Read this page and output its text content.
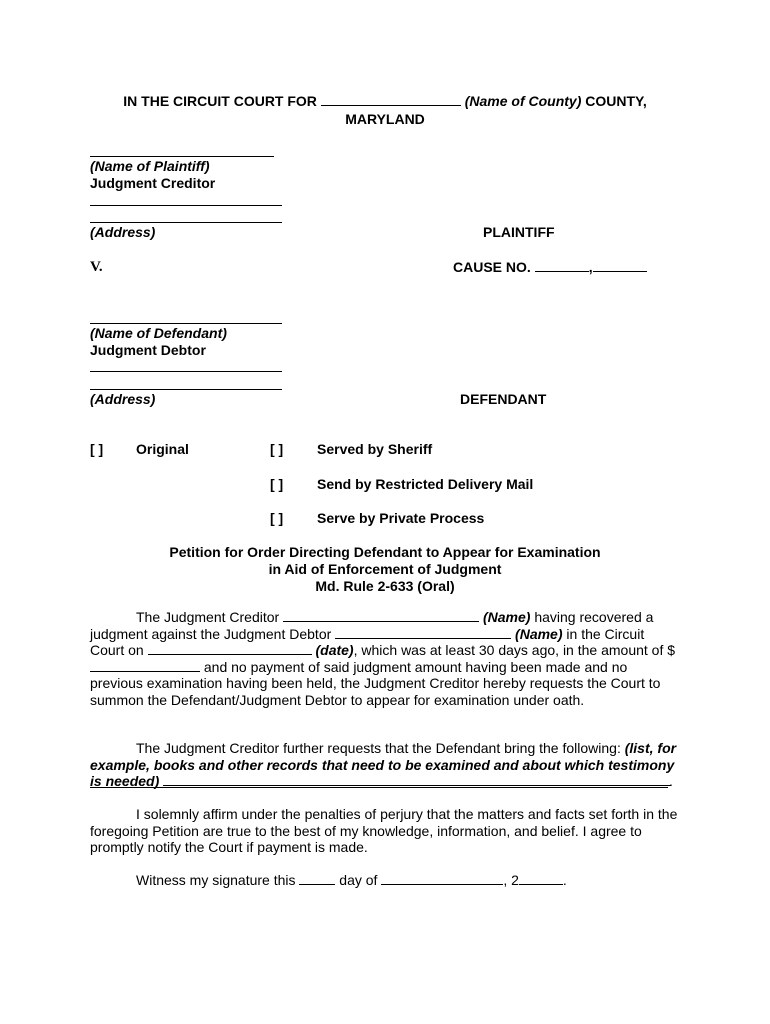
IN THE CIRCUIT COURT FOR	(Name of County) COUNTY,
MARYLAND
(Name of Plaintiff)
Judgment Creditor
(Address)	PLAINTIFF
V.	CAUSE NO.	,
(Name of Defendant)
Judgment Debtor
(Address)	DEFENDANT
[ ] Original	[ ] Served by Sheriff
[ ] Send by Restricted Delivery Mail
[ ] Serve by Private Process
Petition for Order Directing Defendant to Appear for Examination
in Aid of Enforcement of Judgment
Md. Rule 2-633 (Oral)
The Judgment Creditor	(Name) having recovered a judgment against the Judgment Debtor	(Name) in the Circuit Court on	(date), which was at least 30 days ago, in the amount of $ and no payment of said judgment amount having been made and no previous examination having been held, the Judgment Creditor hereby requests the Court to summon the Defendant/Judgment Debtor to appear for examination under oath.
The Judgment Creditor further requests that the Defendant bring the following: (list, for example, books and other records that need to be examined and about which testimony is needed)	.
I solemnly affirm under the penalties of perjury that the matters and facts set forth in the foregoing Petition are true to the best of my knowledge, information, and belief. I agree to promptly notify the Court if payment is made.
Witness my signature this	day of	, 2	.
